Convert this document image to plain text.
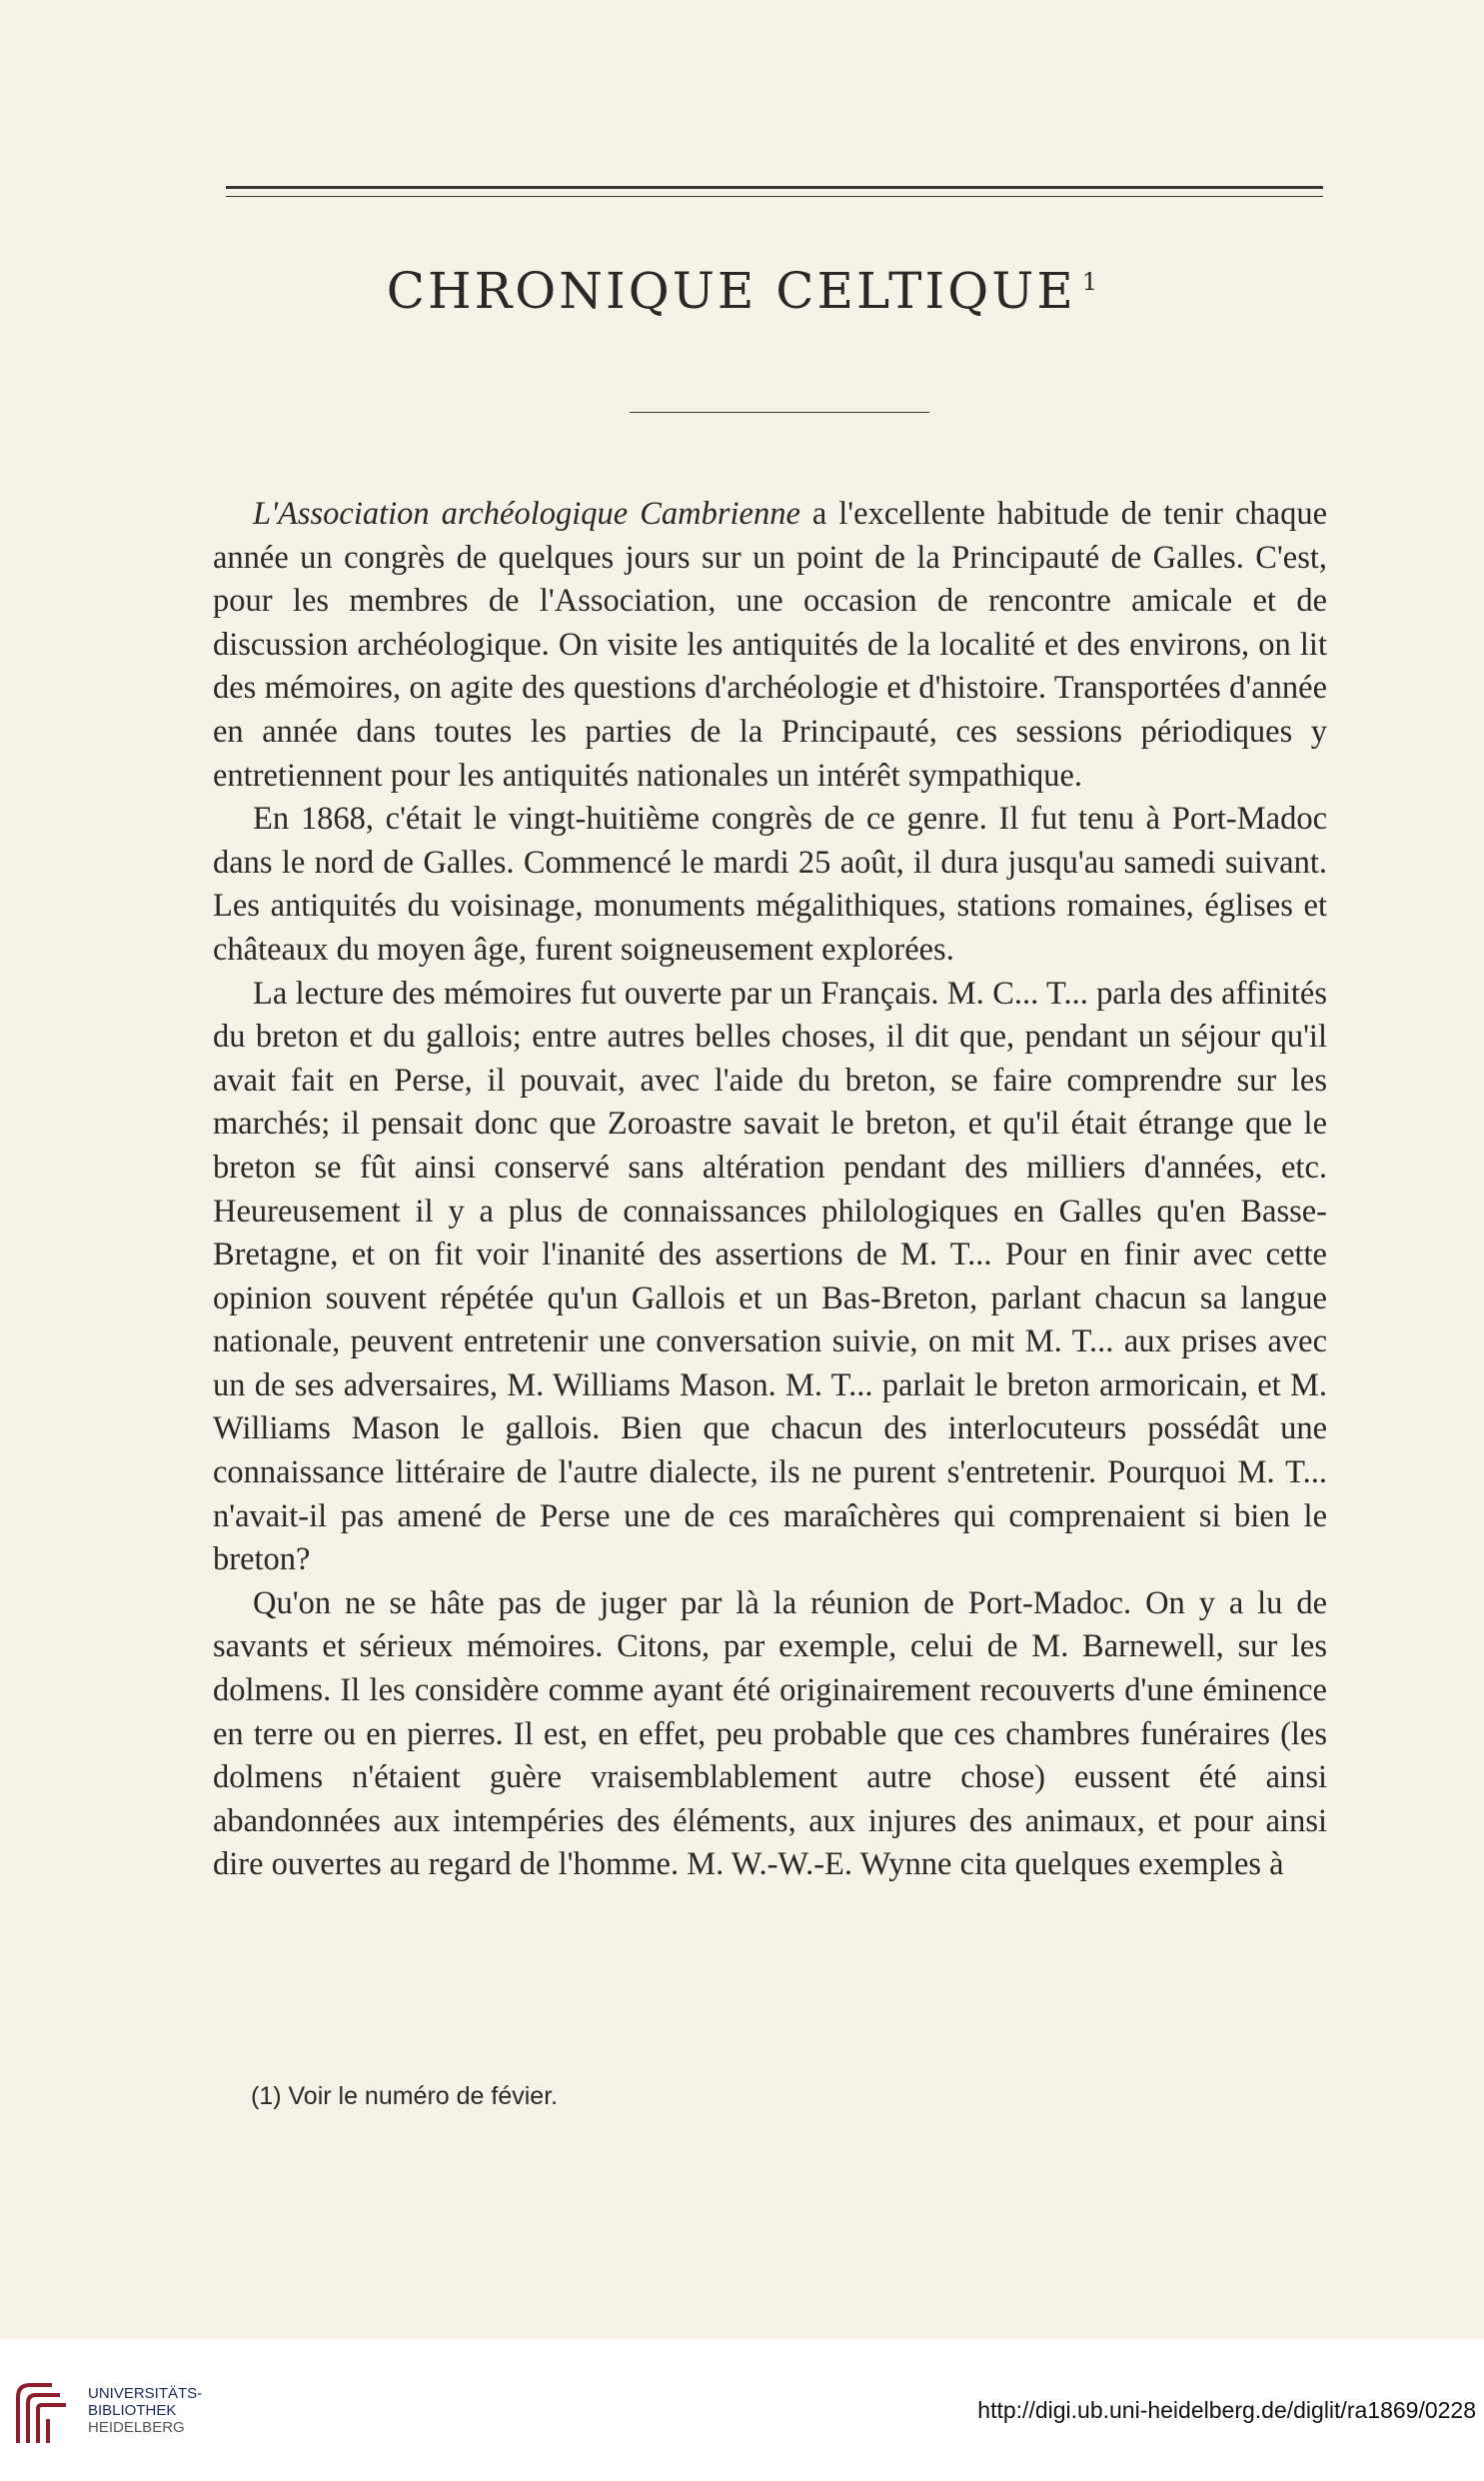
CHRONIQUE CELTIQUE $^1$

L'Association archéologique Cambrienne a l'excellente habitude de tenir chaque année un congrès de quelques jours sur un point de la Principauté de Galles. C'est, pour les membres de l'Association, une occasion de rencontre amicale et de discussion archéologique. On visite les antiquités de la localité et des environs, on lit des mémoires, on agite des questions d'archéologie et d'histoire. Transportées d'année en année dans toutes les parties de la Principauté, ces sessions périodiques y entretiennent pour les antiquités nationales un intérêt sympathique.

En 1868, c'était le vingt-huitième congrès de ce genre. Il fut tenu à Port-Madoc dans le nord de Galles. Commencé le mardi 25 août, il dura jusqu'au samedi suivant. Les antiquités du voisinage, monuments mégalithiques, stations romaines, églises et châteaux du moyen âge, furent soigneusement explorées.

La lecture des mémoires fut ouverte par un Français. M. C... T... parla des affinités du breton et du gallois; entre autres belles choses, il dit que, pendant un séjour qu'il avait fait en Perse, il pouvait, avec l'aide du breton, se faire comprendre sur les marchés; il pensait donc que Zoroastre savait le breton, et qu'il était étrange que le breton se fût ainsi conservé sans altération pendant des milliers d'années, etc. Heureusement il y a plus de connaissances philologiques en Galles qu'en Basse-Bretagne, et on fit voir l'inanité des assertions de M. T... Pour en finir avec cette opinion souvent répétée qu'un Gallois et un Bas-Breton, parlant chacun sa langue nationale, peuvent entretenir une conversation suivie, on mit M. T... aux prises avec un de ses adversaires, M. Williams Mason. M. T... parlait le breton armoricain, et M. Williams Mason le gallois. Bien que chacun des interlocuteurs possédât une connaissance littéraire de l'autre dialecte, ils ne purent s'entretenir. Pourquoi M. T... n'avait-il pas amené de Perse une de ces maraîchères qui comprenaient si bien le breton?

Qu'on ne se hâte pas de juger par là la réunion de Port-Madoc. On y a lu de savants et sérieux mémoires. Citons, par exemple, celui de M. Barnewell, sur les dolmens. Il les considère comme ayant été originairement recouverts d'une éminence en terre ou en pierres. Il est, en effet, peu probable que ces chambres funéraires (les dolmens n'étaient guère vraisemblablement autre chose) eussent été ainsi abandonnées aux intempéries des éléments, aux injures des animaux, et pour ainsi dire ouvertes au regard de l'homme. M. W.-W.-E. Wynne cita quelques exemples à

(1) Voir le numéro de févier.
UNIVERSITÄTS-
BIBLIOTHEK
HEIDELBERG
http://digi.ub.uni-heidelberg.de/diglit/ra1869/0228
